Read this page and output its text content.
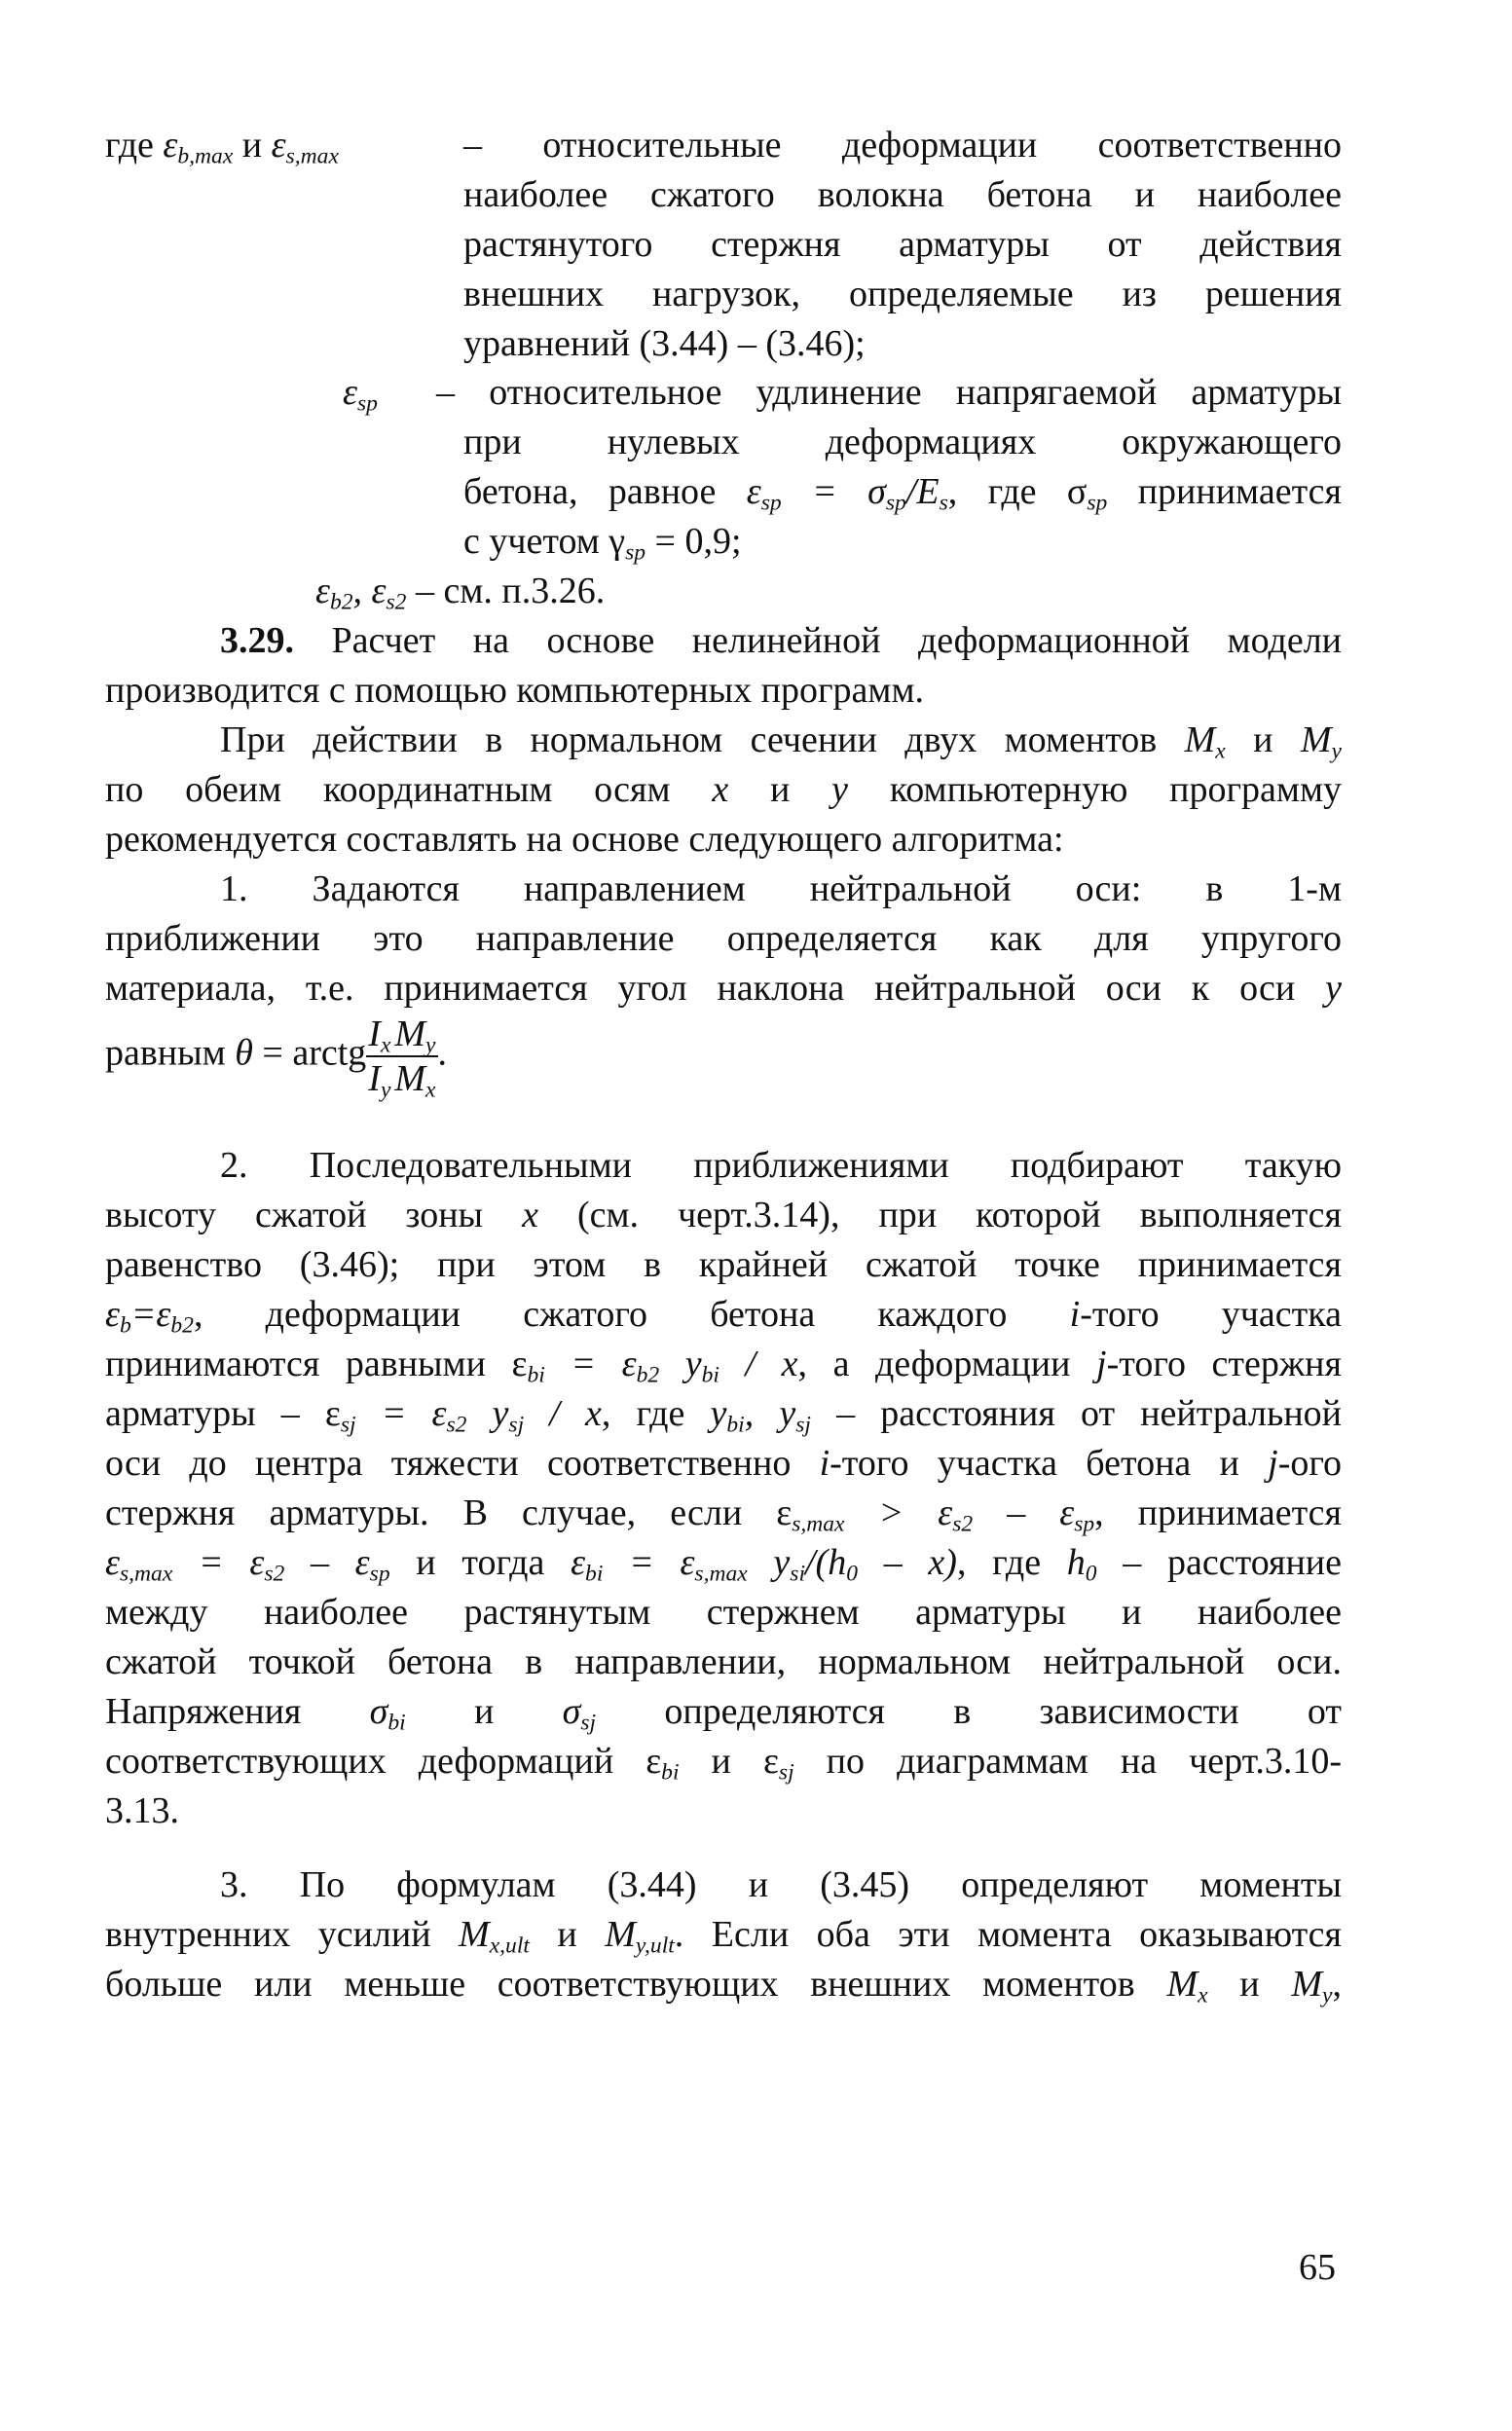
где $\varepsilon_{b,max}$ и $\varepsilon_{s,max}$	– относительные деформации соответственно
наиболее сжатого волокна бетона и наиболее
растянутого стержня арматуры от действия
внешних нагрузок, определяемые из решения
уравнений (3.44) – (3.46);
$\varepsilon_{sp}$ – относительное удлинение напрягаемой арматуры
при нулевых деформациях окружающего
бетона, равное $\varepsilon_{sp} = \sigma_{sp}/E_s$, где $\sigma_{sp}$ принимается
с учетом $\gamma_{sp} = 0,9$;
$\varepsilon_{b2}$, $\varepsilon_{s2}$ – см. п.3.26.
3.29. Расчет на основе нелинейной деформационной модели
производится с помощью компьютерных программ.
При действии в нормальном сечении двух моментов $M_x$ и $M_y$
по обеим координатным осям x и y компьютерную программу
рекомендуется составлять на основе следующего алгоритма:
1. Задаются направлением нейтральной оси: в 1-м
приближении это направление определяется как для упругого
материала, т.е. принимается угол наклона нейтральной оси к оси y
равным θ = arctg $\frac{I_x}{I_y} \frac{M_y}{M_x}$ .
2. Последовательными приближениями подбирают такую
высоту сжатой зоны x (см. черт.3.14), при которой выполняется
равенство (3.46); при этом в крайней сжатой точке принимается
$\varepsilon_b=\varepsilon_{b2}$, деформации сжатого бетона каждого i-того участка
принимаются равными $\varepsilon_{bi} = \varepsilon_{b2}$ $y_{bi}$ / x, а деформации j-того стержня
арматуры – $\varepsilon_{sj} = \varepsilon_{s2}$ $y_{sj}$ / x, где $y_{bi}$, $y_{sj}$ – расстояния от нейтральной
оси до центра тяжести соответственно i-того участка бетона и j-ого
стержня арматуры. В случае, если $\varepsilon_{s,max} > \varepsilon_{s2} - \varepsilon_{sp}$, принимается
$\varepsilon_{s,max} = \varepsilon_{s2} - \varepsilon_{sp}$ и тогда $\varepsilon_{bi} = \varepsilon_{s,max}$ $y_{si}/(h_0 - x)$, где $h_0$ – расстояние
между наиболее растянутым стержнем арматуры и наиболее
сжатой точкой бетона в направлении, нормальном нейтральной оси.
Напряжения $\sigma_{bi}$ и $\sigma_{sj}$ определяются в зависимости от
соответствующих деформаций $\varepsilon_{bi}$ и $\varepsilon_{sj}$ по диаграммам на черт.3.10-
3.13.
3. По формулам (3.44) и (3.45) определяют моменты
внутренних усилий $M_{x,ult}$ и $M_{y,ult}$. Если оба эти момента оказываются
больше или меньше соответствующих внешних моментов $M_x$ и $M_y$,
65
